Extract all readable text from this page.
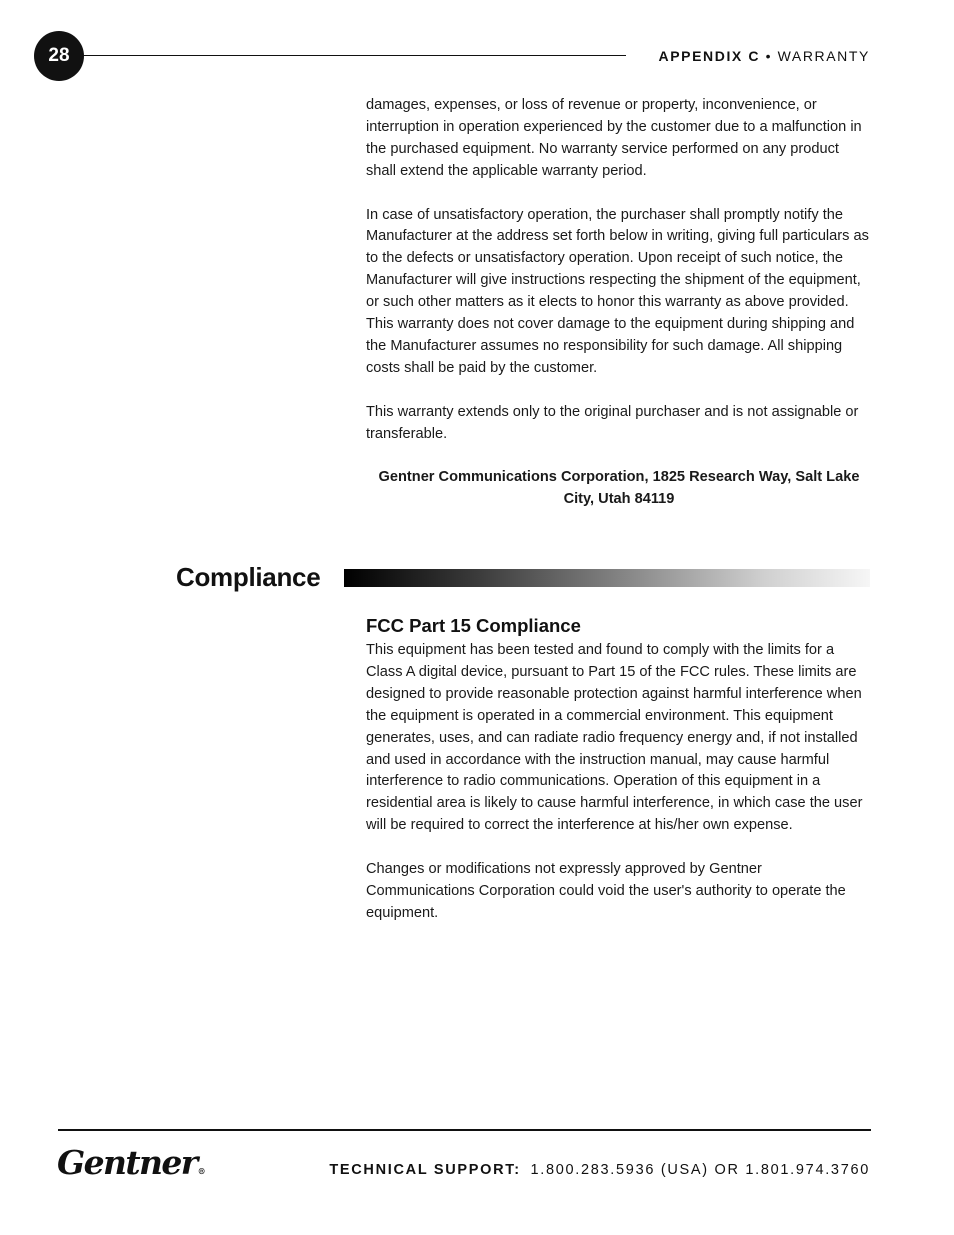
28	APPENDIX C • WARRANTY

damages, expenses, or loss of revenue or property, inconvenience, or interruption in operation experienced by the customer due to a malfunction in the purchased equipment. No warranty service performed on any product shall extend the applicable warranty period.

In case of unsatisfactory operation, the purchaser shall promptly notify the Manufacturer at the address set forth below in writing, giving full particulars as to the defects or unsatisfactory operation. Upon receipt of such notice, the Manufacturer will give instructions respecting the shipment of the equipment, or such other matters as it elects to honor this warranty as above provided. This warranty does not cover damage to the equipment during shipping and the Manufacturer assumes no responsibility for such damage. All shipping costs shall be paid by the customer.

This warranty extends only to the original purchaser and is not assignable or transferable.

Gentner Communications Corporation, 1825 Research Way, Salt Lake City, Utah 84119

Compliance
FCC Part 15 Compliance

This equipment has been tested and found to comply with the limits for a Class A digital device, pursuant to Part 15 of the FCC rules. These limits are designed to provide reasonable protection against harmful interference when the equipment is operated in a commercial environment. This equipment generates, uses, and can radiate radio frequency energy and, if not installed and used in accordance with the instruction manual, may cause harmful interference to radio communications. Operation of this equipment in a residential area is likely to cause harmful interference, in which case the user will be required to correct the interference at his/her own expense.

Changes or modifications not expressly approved by Gentner Communications Corporation could void the user's authority to operate the equipment.

Gentner®	TECHNICAL SUPPORT: 1.800.283.5936 (USA) OR 1.801.974.3760
